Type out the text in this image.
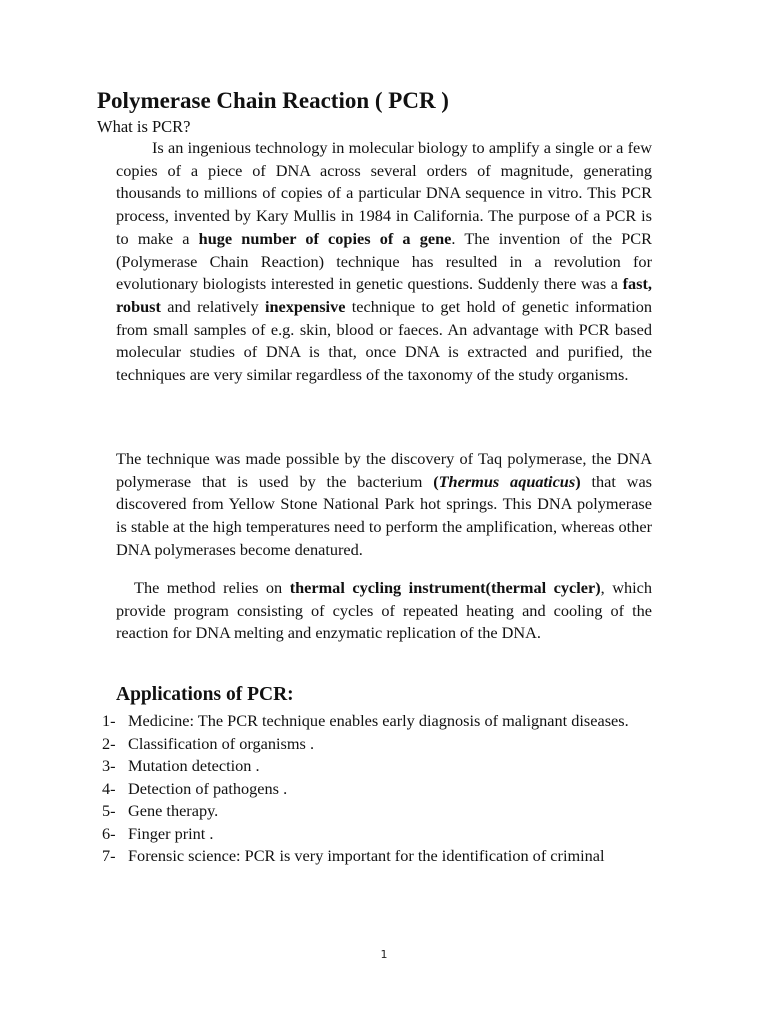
Polymerase Chain Reaction ( PCR )

What is PCR?

Is an ingenious technology in molecular biology to amplify a single or a few copies of a piece of DNA across several orders of magnitude, generating thousands to millions of copies of a particular DNA sequence in vitro. This PCR process, invented by Kary Mullis in 1984 in California. The purpose of a PCR is to make a huge number of copies of a gene. The invention of the PCR (Polymerase Chain Reaction) technique has resulted in a revolution for evolutionary biologists interested in genetic questions. Suddenly there was a fast, robust and relatively inexpensive technique to get hold of genetic information from small samples of e.g. skin, blood or faeces. An advantage with PCR based molecular studies of DNA is that, once DNA is extracted and purified, the techniques are very similar regardless of the taxonomy of the study organisms.

The technique was made possible by the discovery of Taq polymerase, the DNA polymerase that is used by the bacterium (Thermus aquaticus) that was discovered from Yellow Stone National Park hot springs. This DNA polymerase is stable at the high temperatures need to perform the amplification, whereas other DNA polymerases become denatured.

The method relies on thermal cycling instrument(thermal cycler), which provide program consisting of cycles of repeated heating and cooling of the reaction for DNA melting and enzymatic replication of the DNA.

Applications of PCR:
1- Medicine: The PCR technique enables early diagnosis of malignant diseases.
2- Classification of organisms .
3- Mutation detection .
4- Detection of pathogens .
5- Gene therapy.
6- Finger print .
7- Forensic science: PCR is very important for the identification of criminal
1
